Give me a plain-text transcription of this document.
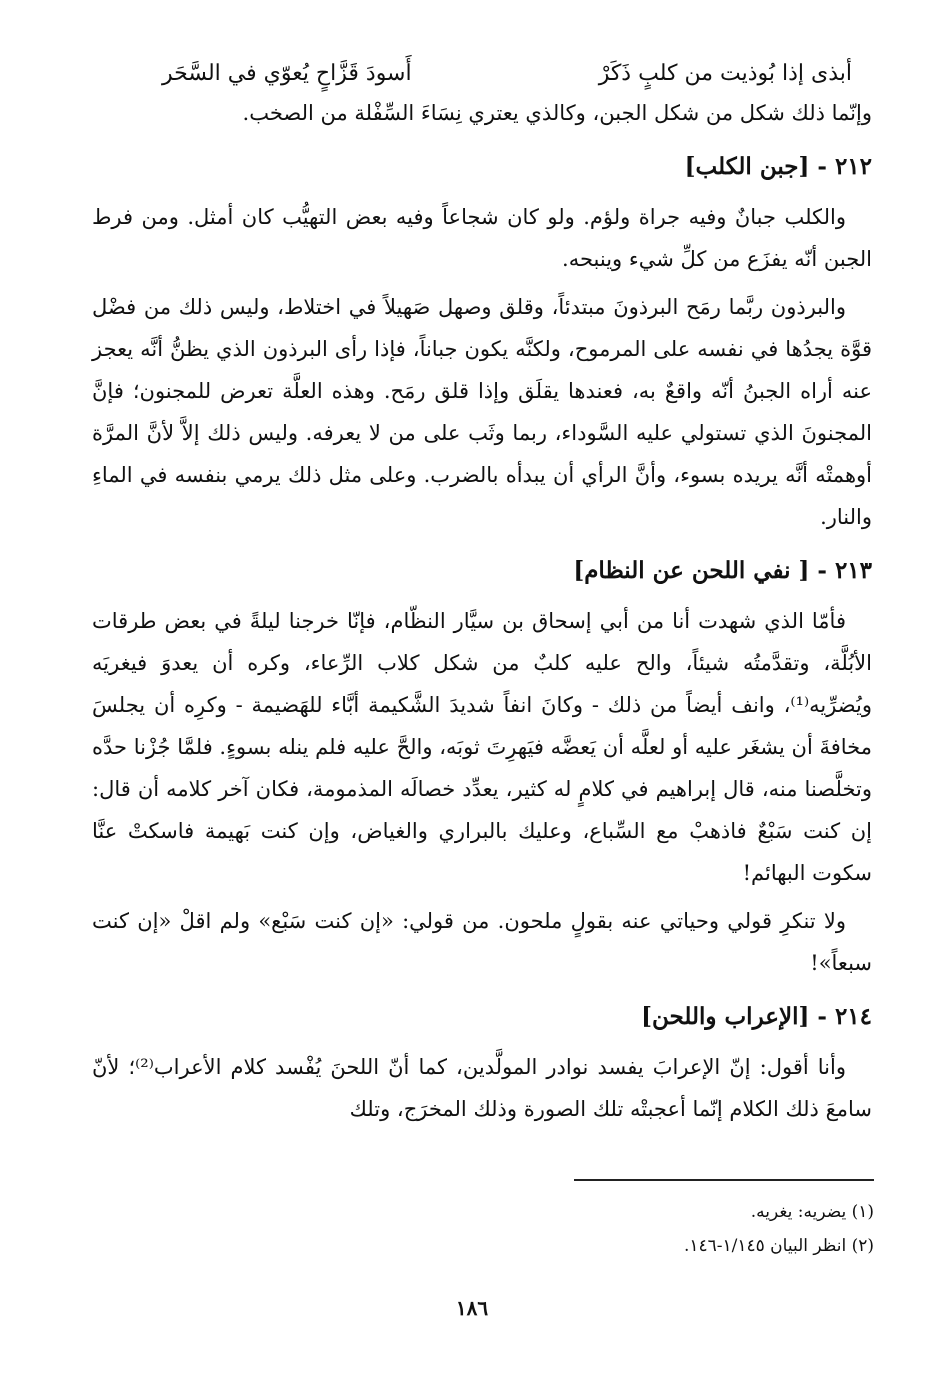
أبذى إذا بُوذيت من كلبٍ ذَكَرْ
أَسودَ قَزَّاحٍ يُعوّي في السَّحَر

وإنّما ذلك شكل من شكل الجبن، وكالذي يعتري نِسَاءَ السِّفْلة من الصخب.

٢١٢ - [جبن الكلب]

والكلب جبانٌ وفيه جراة ولؤم. ولو كان شجاعاً وفيه بعض التهيُّب كان أمثل. ومن فرط الجبن أنّه يفزَع من كلِّ شيء وينبحه.

والبرذون ربَّما رمَح البرذونَ مبتدئاً، وقلق وصهل صَهيلاً في اختلاط، وليس ذلك من فضْل قوَّة يجدُها في نفسه على المرموح، ولكنَّه يكون جباناً، فإذا رأى البرذون الذي يظنُّ أنَّه يعجز عنه أراه الجبنُ أنّه واقعٌ به، فعندها يقلَق وإذا قلق رمَح. وهذه العلَّة تعرض للمجنون؛ فإنَّ المجنونَ الذي تستولي عليه السَّوداء، ربما وثَب على من لا يعرفه. وليس ذلك إلاَّ لأنَّ المرَّة أوهمتْه أنَّه يريده بسوء، وأنَّ الرأي أن يبدأه بالضرب. وعلى مثل ذلك يرمي بنفسه في الماءِ والنار.

٢١٣ - [ نفي اللحن عن النظام]

فأمّا الذي شهدت أنا من أبي إسحاق بن سيَّار النظّام، فإنّا خرجنا ليلةً في بعض طرقات الأبُلَّة، وتقدَّمتُه شيئاً، والح عليه كلبٌ من شكل كلاب الرِّعاء، وكره أن يعدوَ فيغريَه ويُضرِّيه⁽¹⁾، وانف أيضاً من ذلك - وكانَ انفاً شديدَ الشَّكيمة أبَّاء للهَضيمة - وكرِه أن يجلسَ مخافةَ أن يشغَر عليه أو لعلَّه أن يَعضَّه فيَهرِتَ ثوبَه، والحَّ عليه فلم ينله بسوءٍ. فلمَّا جُزْنا حدَّه وتخلَّصنا منه، قال إبراهيم في كلامٍ له كثير، يعدِّد خصالَه المذمومة، فكان آخر كلامه أن قال: إن كنت سَبْعٌ فاذهبْ مع السِّباع، وعليك بالبراري والغياض، وإن كنت بَهيمة فاسكتْ عنَّا سكوت البهائم!

ولا تنكرِ قولي وحياتي عنه بقولٍ ملحون. من قولي: «إن كنت سَبْع» ولم اقلْ «إن كنت سبعاً»!

٢١٤ - [الإعراب واللحن]

وأنا أقول: إنّ الإعرابَ يفسد نوادر المولَّدين، كما أنّ اللحنَ يُفْسد كلام الأعراب⁽²⁾؛ لأنّ سامعَ ذلك الكلام إنّما أعجبتْه تلك الصورة وذلك المخرَج، وتلك

(١) يضريه: يغريه.

(٢) انظر البيان ١/١٤٥-١٤٦.

١٨٦
